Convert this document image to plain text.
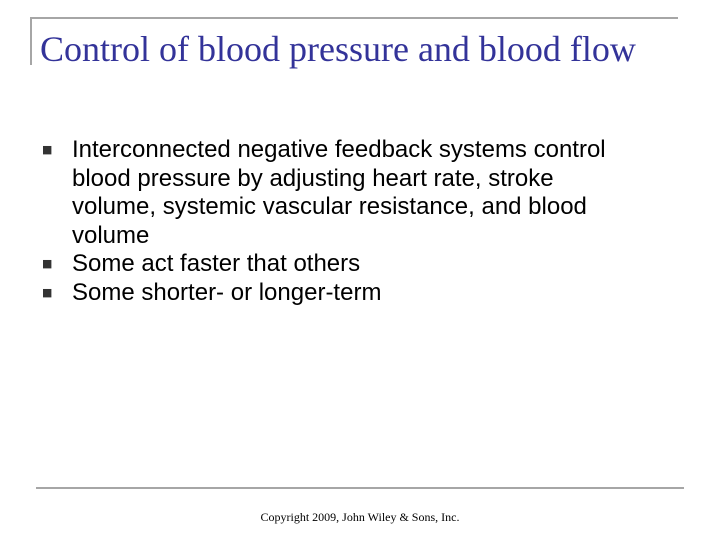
Control of blood pressure and blood flow
■
Interconnected negative feedback systems control blood pressure by adjusting heart rate, stroke volume, systemic vascular resistance, and blood volume
■
Some act faster that others
■
Some shorter- or longer-term
Copyright 2009, John Wiley & Sons, Inc.
